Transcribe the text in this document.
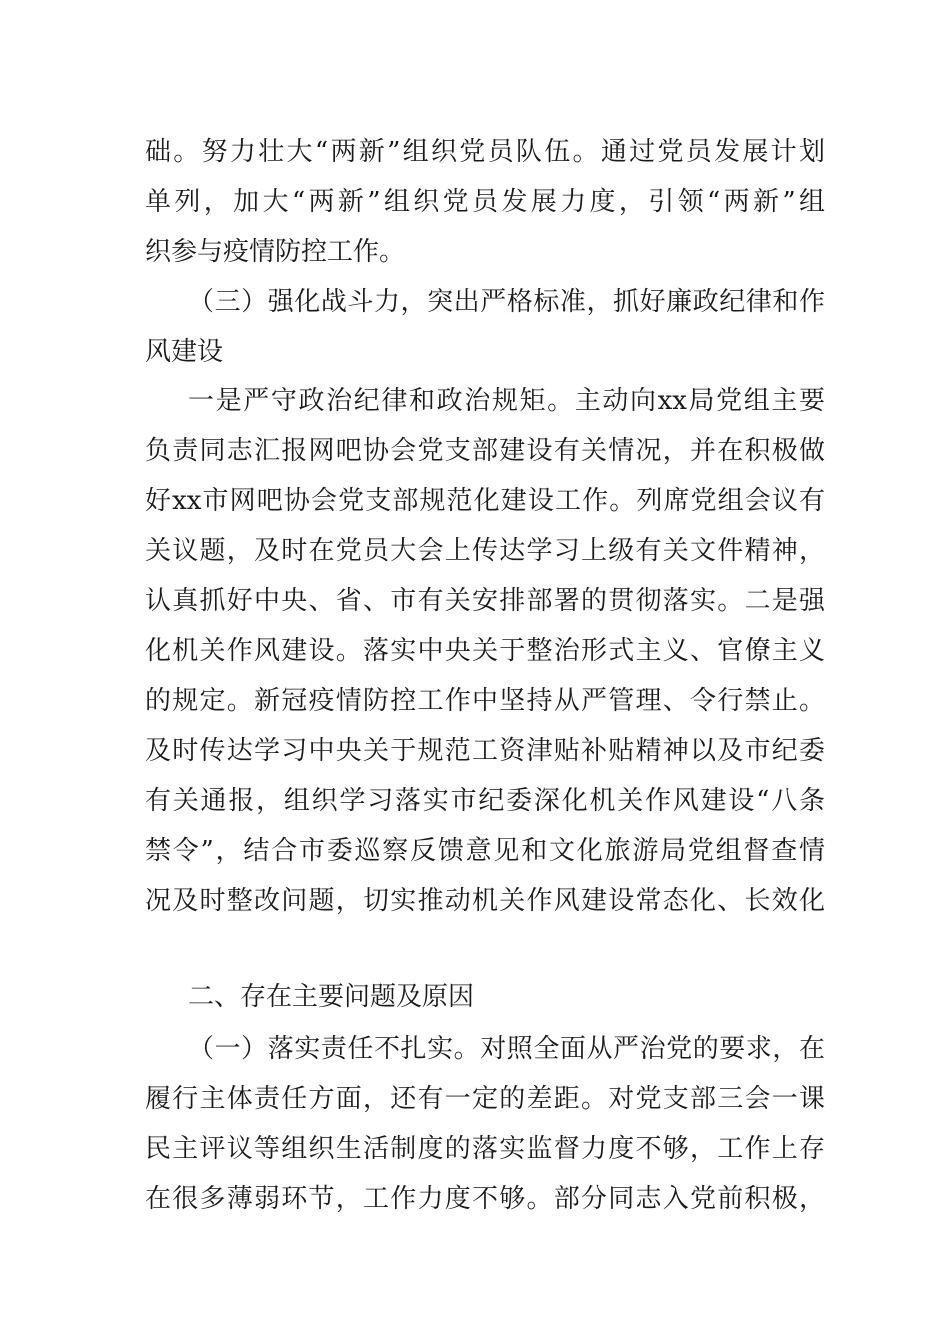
础。努力壮大“两新”组织党员队伍。通过党员发展计划
单列，加大“两新”组织党员发展力度，引领“两新”组
织参与疫情防控工作。
（三）强化战斗力，突出严格标准，抓好廉政纪律和作
风建设
一是严守政治纪律和政治规矩。主动向xx局党组主要
负责同志汇报网吧协会党支部建设有关情况，并在积极做
好xx市网吧协会党支部规范化建设工作。列席党组会议有
关议题，及时在党员大会上传达学习上级有关文件精神，
认真抓好中央、省、市有关安排部署的贯彻落实。二是强
化机关作风建设。落实中央关于整治形式主义、官僚主义
的规定。新冠疫情防控工作中坚持从严管理、令行禁止。
及时传达学习中央关于规范工资津贴补贴精神以及市纪委
有关通报，组织学习落实市纪委深化机关作风建设“八条
禁令”，结合市委巡察反馈意见和文化旅游局党组督查情
况及时整改问题，切实推动机关作风建设常态化、长效化
二、存在主要问题及原因
（一）落实责任不扎实。对照全面从严治党的要求，在
履行主体责任方面，还有一定的差距。对党支部三会一课
民主评议等组织生活制度的落实监督力度不够，工作上存
在很多薄弱环节，工作力度不够。部分同志入党前积极，
